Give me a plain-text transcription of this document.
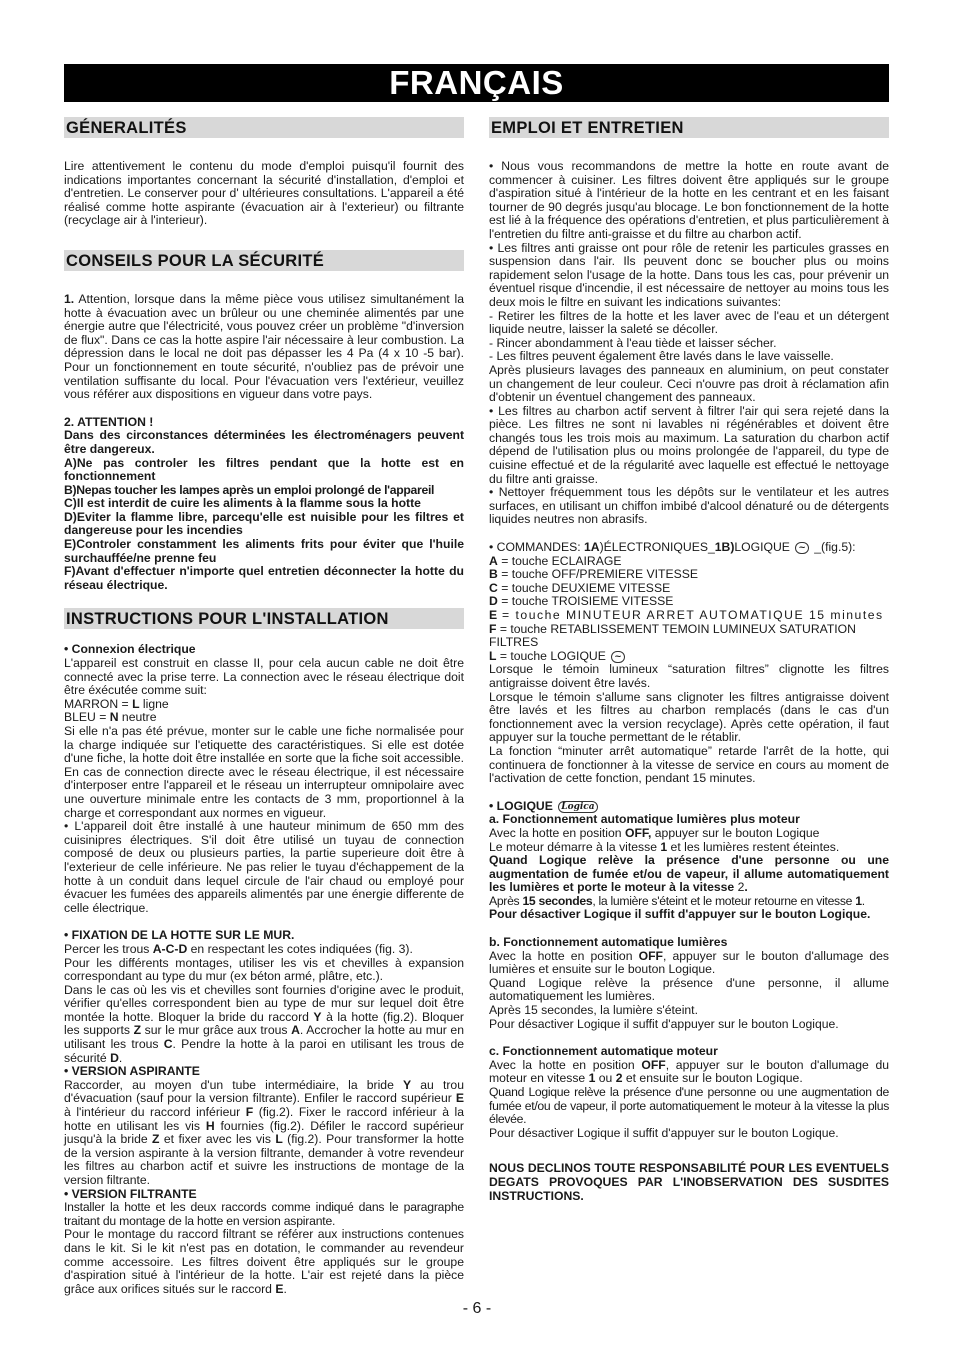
FRANÇAIS
GÉNERALITÉS

Lire attentivement le contenu du mode d'emploi puisqu'il fournit des indications importantes concernant la sécurité d'installation, d'emploi et d'entretien. Le conserver pour d' ultérieures consultations. L'appareil a été réalisé comme hotte aspirante (évacuation air à l'exterieur) ou filtrante (recyclage air à l'interieur).

CONSEILS POUR LA SÉCURITÉ

1. Attention, lorsque dans la même pièce vous utilisez simultanément la hotte à évacuation avec un brûleur ou une cheminée alimentés par une énergie autre que l'électricité, vous pouvez créer un problème "d'inversion de flux". Dans ce cas la hotte aspire l'air nécessaire à leur combustion. La dépression dans le local ne doit pas dépasser les 4 Pa (4 x 10 -5 bar). Pour un fonctionnement en toute sécurité, n'oubliez pas de prévoir une ventilation suffisante du local. Pour l'évacuation vers l'extérieur, veuillez vous référer aux dispositions en vigueur dans votre pays.

2. ATTENTION !

Dans des circonstances déterminées les électroménagers peuvent être dangereux.

A)Ne pas controler les filtres pendant que la hotte est en fonctionnement

B)Nepas toucher les lampes après un emploi prolongé de l'appareil

C)Il est interdit de cuire les aliments à la flamme sous la hotte

D)Eviter la flamme libre, parcequ'elle est nuisible pour les filtres et dangereuse pour les incendies

E)Controler constamment les aliments frits pour éviter que l'huile surchauffée/ne prenne feu

F)Avant d'effectuer n'importe quel entretien déconnecter la hotte du réseau électrique.

INSTRUCTIONS POUR L'INSTALLATION

• Connexion électrique

L'appareil est construit en classe II, pour cela aucun cable ne doit être connecté avec la prise terre. La connection avec le réseau électrique doit être éxécutée comme suit:

MARRON = L ligne

BLEU = N neutre

Si elle n'a pas été prévue, monter sur le cable une fiche normalisée pour la charge indiquée sur l'etiquette des caractéristiques. Si elle est dotée d'une fiche, la hotte doit être installée en sorte que la fiche soit accessible. En cas de connection directe avec le réseau électrique, il est nécessaire d'interposer entre l'appareil et le réseau un interrupteur omnipolaire avec une ouverture minimale entre les contacts de 3 mm, proportionnel à la charge et correspondant aux normes en vigueur.

• L'appareil doit être installé à une hauteur minimum de 650 mm des cuisinipres électriques. S'il doit être utilisé un tuyau de connection composé de deux ou plusieurs parties, la partie superieure doit être à l'exterieur de celle inférieure. Ne pas relier le tuyau d'échappement de la hotte à un conduit dans lequel circule de l'air chaud ou employé pour évacuer les fumées des appareils alimentés par une énergie differente de celle électrique.

• FIXATION DE LA HOTTE SUR LE MUR.

Percer les trous A-C-D en respectant les cotes indiquées (fig. 3).

Pour les différents montages, utiliser les vis et chevilles à expansion correspondant au type du mur (ex béton armé, plâtre, etc.).

Dans le cas où les vis et chevilles sont fournies d'origine avec le produit, vérifier qu'elles correspondent bien au type de mur sur lequel doit être montée la hotte. Bloquer la bride du raccord Y à la hotte (fig.2). Bloquer les supports Z sur le mur grâce aux trous A. Accrocher la hotte au mur en utilisant les trous C. Pendre la hotte à la paroi en utilisant les trous de sécurité D.

• VERSION ASPIRANTE

Raccorder, au moyen d'un tube intermédiaire, la bride Y au trou d'évacuation (sauf pour la version filtrante). Enfiler le raccord supérieur E à l'intérieur du raccord inférieur F (fig.2). Fixer le raccord inférieur à la hotte en utilisant les vis H fournies (fig.2). Défiler le raccord supérieur jusqu'à la bride Z et fixer avec les vis L (fig.2). Pour transformer la hotte de la version aspirante à la version filtrante, demander à votre revendeur les filtres au charbon actif et suivre les instructions de montage de la version filtrante.

• VERSION FILTRANTE

Installer la hotte et les deux raccords comme indiqué dans le paragraphe traitant du montage de la hotte en version aspirante.

Pour le montage du raccord filtrant se référer aux instructions contenues dans le kit. Si le kit n'est pas en dotation, le commander au revendeur comme accessoire. Les filtres doivent être appliqués sur le groupe d'aspiration situé à l'intérieur de la hotte. L'air est rejeté dans la pièce grâce aux orifices situés sur le raccord E.

EMPLOI ET ENTRETIEN

• Nous vous recommandons de mettre la hotte en route avant de commencer à cuisiner. Les filtres doivent être appliqués sur le groupe d'aspiration situé à l'intérieur de la hotte en les centrant et en les faisant tourner de 90 degrés jusqu'au blocage. Le bon fonctionnement de la hotte est lié à la fréquence des opérations d'entretien, et plus particulièrement à l'entretien du filtre anti-graisse et du filtre au charbon actif.

• Les filtres anti graisse ont pour rôle de retenir les particules grasses en suspension dans l'air. Ils peuvent donc se boucher plus ou moins rapidement selon l'usage de la hotte. Dans tous les cas, pour prévenir un éventuel risque d'incendie, il est nécessaire de nettoyer au moins tous les deux mois le filtre en suivant les indications suivantes:

- Retirer les filtres de la hotte et les laver avec de l'eau et un détergent liquide neutre, laisser la saleté se décoller.

- Rincer abondamment à l'eau tiède et laisser sécher.

- Les filtres peuvent également être lavés dans le lave vaisselle.

Après plusieurs lavages des panneaux en aluminium, on peut constater un changement de leur couleur. Ceci n'ouvre pas droit à réclamation afin d'obtenir un éventuel changement des panneaux.

• Les filtres au charbon actif servent à filtrer l'air qui sera rejeté dans la pièce. Les filtres ne sont ni lavables ni régénérables et doivent être changés tous les trois mois au maximum. La saturation du charbon actif dépend de l'utilisation plus ou moins prolongée de l'appareil, du type de cuisine effectué et de la régularité avec laquelle est effectué le nettoyage du filtre anti graisse.

• Nettoyer fréquemment tous les dépôts sur le ventilateur et les autres surfaces, en utilisant un chiffon imbibé d'alcool dénaturé ou de détergents liquides neutres non abrasifs.

• COMMANDES: 1A)ÉLECTRONIQUES_1B)LOGIQUE ~ _(fig.5):

A = touche ECLAIRAGE

B = touche OFF/PREMIERE VITESSE

C = touche DEUXIEME VITESSE

D = touche TROISIEME VITESSE

E = touche MINUTEUR ARRET AUTOMATIQUE 15 minutes

F = touche RETABLISSEMENT TEMOIN LUMINEUX SATURATION FILTRES

L = touche LOGIQUE ~

Lorsque le témoin lumineux “saturation filtres” clignotte les filtres antigraisse doivent être lavés.

Lorsque le témoin s'allume sans clignoter les filtres antigraisse doivent être lavés et les filtres au charbon remplacés (dans le cas d'un fonctionnement avec la version recyclage). Après cette opération, il faut appuyer sur la touche permettant de le rétablir.

La fonction “minuter arrêt automatique” retarde l'arrêt de la hotte, qui continuera de fonctionner à la vitesse de service en cours au moment de l'activation de cette fonction, pendant 15 minutes.

• LOGIQUE Logica

a. Fonctionnement automatique lumières plus moteur

Avec la hotte en position OFF, appuyer sur le bouton Logique

Le moteur démarre à la vitesse 1 et les lumières restent éteintes.

Quand Logique relève la présence d'une personne ou une augmentation de fumée et/ou de vapeur, il allume automatiquement les lumières et porte le moteur à la vitesse 2.

Après 15 secondes, la lumière s'éteint et le moteur retourne en vitesse 1.

Pour désactiver Logique il suffit d'appuyer sur le bouton Logique.

b. Fonctionnement automatique lumières

Avec la hotte en position OFF, appuyer sur le bouton d'allumage des lumières et ensuite sur le bouton Logique.

Quand Logique relève la présence d'une personne, il allume automatiquement les lumières.

Après 15 secondes, la lumière s'éteint.

Pour désactiver Logique il suffit d'appuyer sur le bouton Logique.

c. Fonctionnement automatique moteur

Avec la hotte en position OFF, appuyer sur le bouton d'allumage du moteur en vitesse 1 ou 2 et ensuite sur le bouton Logique.

Quand Logique relève la présence d'une personne ou une augmentation de fumée et/ou de vapeur, il porte automatiquement le moteur à la vitesse la plus élevée.

Pour désactiver Logique il suffit d'appuyer sur le bouton Logique.

NOUS DECLINOS TOUTE RESPONSABILITÉ POUR LES EVENTUELS DEGATS PROVOQUES PAR L'INOBSERVATION DES SUSDITES INSTRUCTIONS.

- 6 -
